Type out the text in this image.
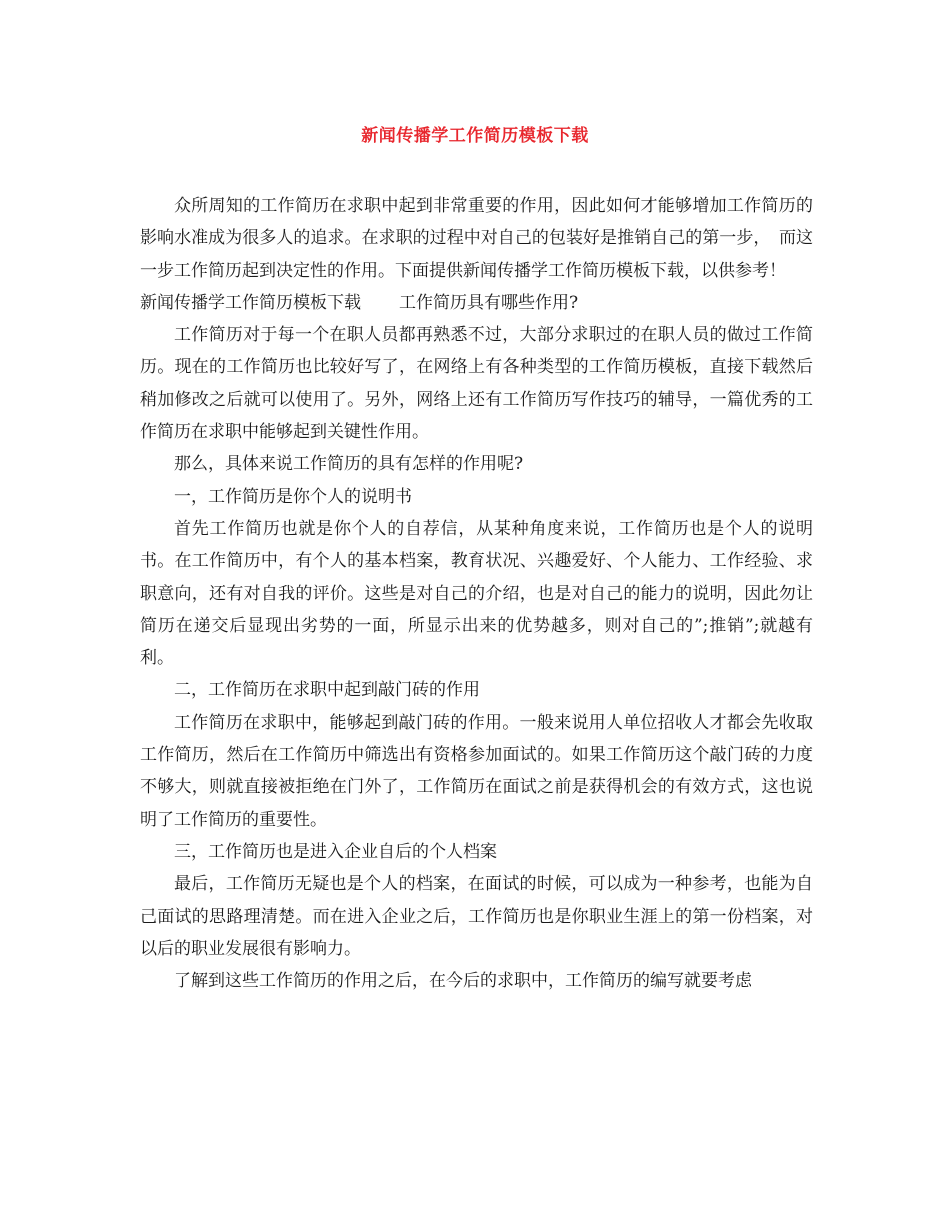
新闻传播学工作简历模板下载

众所周知的工作简历在求职中起到非常重要的作用，因此如何才能够增加工作简历的影响水准成为很多人的追求。在求职的过程中对自己的包装好是推销自己的第一步，　而这一步工作简历起到决定性的作用。下面提供新闻传播学工作简历模板下载，以供参考！

新闻传播学工作简历模板下载 工作简历具有哪些作用?

工作简历对于每一个在职人员都再熟悉不过，大部分求职过的在职人员的做过工作简历。现在的工作简历也比较好写了，在网络上有各种类型的工作简历模板，直接下载然后稍加修改之后就可以使用了。另外，网络上还有工作简历写作技巧的辅导，一篇优秀的工作简历在求职中能够起到关键性作用。

那么，具体来说工作简历的具有怎样的作用呢?

一，工作简历是你个人的说明书

首先工作简历也就是你个人的自荐信，从某种角度来说，工作简历也是个人的说明书。在工作简历中，有个人的基本档案，教育状况、兴趣爱好、个人能力、工作经验、求职意向，还有对自我的评价。这些是对自己的介绍，也是对自己的能力的说明，因此勿让简历在递交后显现出劣势的一面，所显示出来的优势越多，则对自己的”;推销”;就越有利。

二，工作简历在求职中起到敲门砖的作用

工作简历在求职中，能够起到敲门砖的作用。一般来说用人单位招收人才都会先收取工作简历，然后在工作简历中筛选出有资格参加面试的。如果工作简历这个敲门砖的力度不够大，则就直接被拒绝在门外了，工作简历在面试之前是获得机会的有效方式，这也说明了工作简历的重要性。

三，工作简历也是进入企业自后的个人档案

最后，工作简历无疑也是个人的档案，在面试的时候，可以成为一种参考，也能为自己面试的思路理清楚。而在进入企业之后，工作简历也是你职业生涯上的第一份档案，对以后的职业发展很有影响力。

了解到这些工作简历的作用之后，在今后的求职中，工作简历的编写就要考虑
